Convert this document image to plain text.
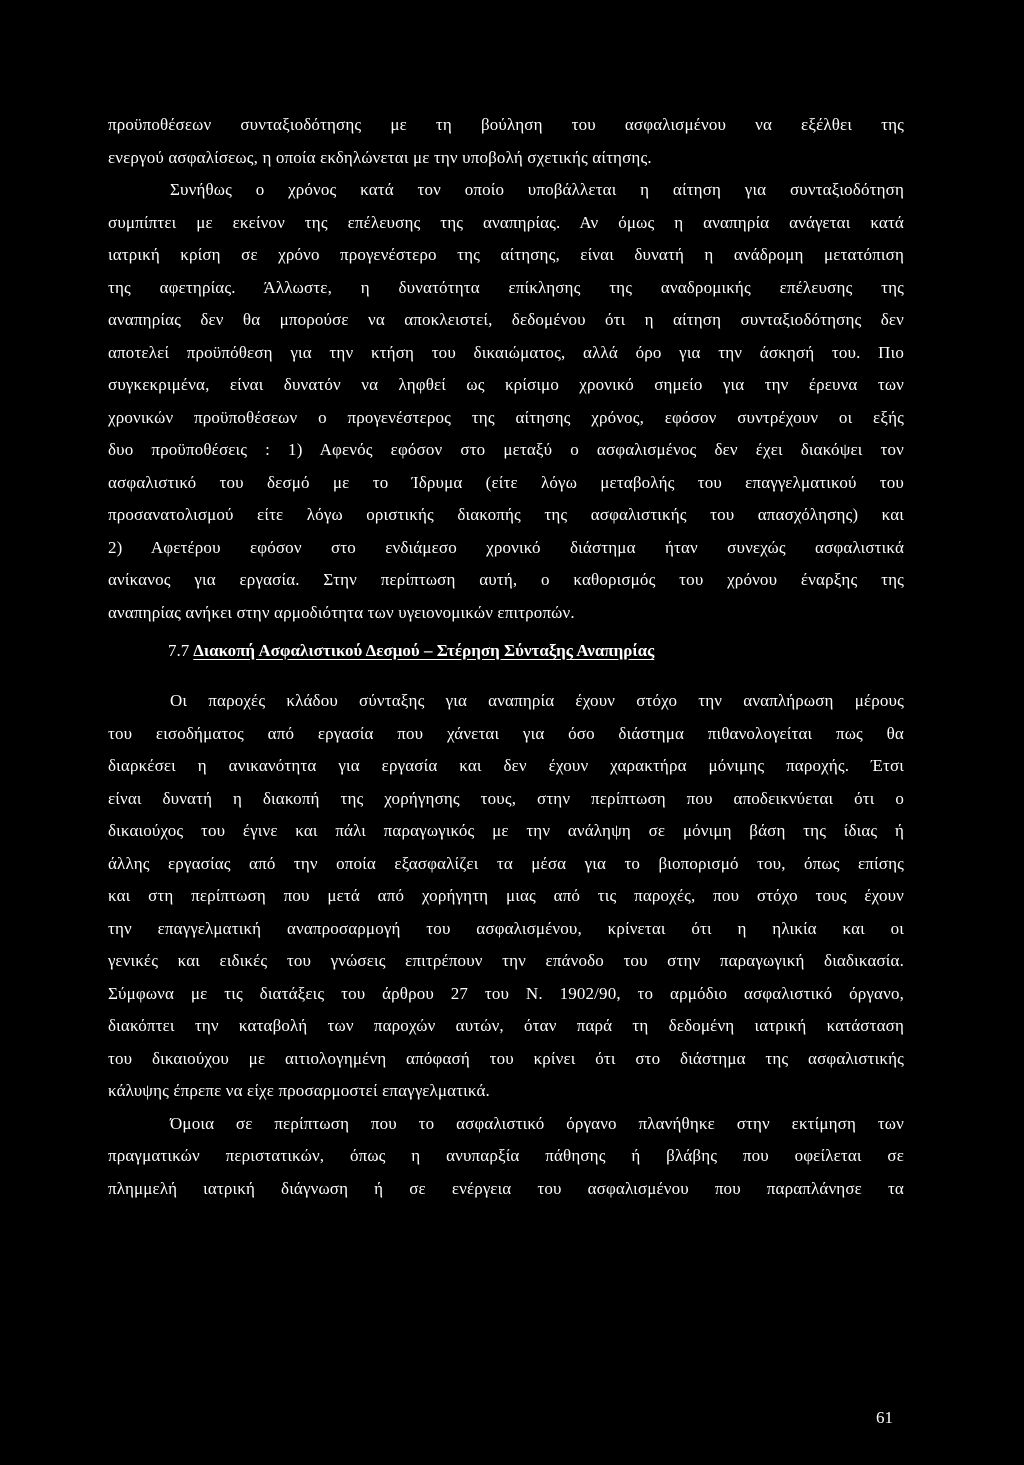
προϋποθέσεων συνταξιοδότησης με τη βούληση του ασφαλισμένου να εξέλθει της
ενεργού ασφαλίσεως, η οποία εκδηλώνεται με την υποβολή σχετικής αίτησης.
Συνήθως ο χρόνος κατά τον οποίο υποβάλλεται η αίτηση για συνταξιοδότηση
συμπίπτει με εκείνον της επέλευσης της αναπηρίας. Αν όμως η αναπηρία ανάγεται κατά
ιατρική κρίση σε χρόνο προγενέστερο της αίτησης, είναι δυνατή η ανάδρομη μετατόπιση
της αφετηρίας. Άλλωστε, η δυνατότητα επίκλησης της αναδρομικής επέλευσης της
αναπηρίας δεν θα μπορούσε να αποκλειστεί, δεδομένου ότι η αίτηση συνταξιοδότησης δεν
αποτελεί προϋπόθεση για την κτήση του δικαιώματος, αλλά όρο για την άσκησή του. Πιο
συγκεκριμένα, είναι δυνατόν να ληφθεί ως κρίσιμο χρονικό σημείο για την έρευνα των
χρονικών προϋποθέσεων ο προγενέστερος της αίτησης χρόνος, εφόσον συντρέχουν οι εξής
δυο προϋποθέσεις : 1) Αφενός εφόσον στο μεταξύ ο ασφαλισμένος δεν έχει διακόψει τον
ασφαλιστικό του δεσμό με το Ίδρυμα (είτε λόγω μεταβολής του επαγγελματικού του
προσανατολισμού είτε λόγω οριστικής διακοπής της ασφαλιστικής του απασχόλησης) και
2) Αφετέρου εφόσον στο ενδιάμεσο χρονικό διάστημα ήταν συνεχώς ασφαλιστικά
ανίκανος για εργασία. Στην περίπτωση αυτή, ο καθορισμός του χρόνου έναρξης της
αναπηρίας ανήκει στην αρμοδιότητα των υγειονομικών επιτροπών.
7.7 Διακοπή Ασφαλιστικού Δεσμού – Στέρηση Σύνταξης Αναπηρίας
Οι παροχές κλάδου σύνταξης για αναπηρία έχουν στόχο την αναπλήρωση μέρους
του εισοδήματος από εργασία που χάνεται για όσο διάστημα πιθανολογείται πως θα
διαρκέσει η ανικανότητα για εργασία και δεν έχουν χαρακτήρα μόνιμης παροχής. Έτσι
είναι δυνατή η διακοπή της χορήγησης τους, στην περίπτωση που αποδεικνύεται ότι ο
δικαιούχος του έγινε και πάλι παραγωγικός με την ανάληψη σε μόνιμη βάση της ίδιας ή
άλλης εργασίας από την οποία εξασφαλίζει τα μέσα για το βιοπορισμό του, όπως επίσης
και στη περίπτωση που μετά από χορήγητη μιας από τις παροχές, που στόχο τους έχουν
την επαγγελματική αναπροσαρμογή του ασφαλισμένου, κρίνεται ότι η ηλικία και οι
γενικές και ειδικές του γνώσεις επιτρέπουν την επάνοδο του στην παραγωγική διαδικασία.
Σύμφωνα με τις διατάξεις του άρθρου 27 του Ν. 1902/90, το αρμόδιο ασφαλιστικό όργανο,
διακόπτει την καταβολή των παροχών αυτών, όταν παρά τη δεδομένη ιατρική κατάσταση
του δικαιούχου με αιτιολογημένη απόφασή του κρίνει ότι στο διάστημα της ασφαλιστικής
κάλυψης έπρεπε να είχε προσαρμοστεί επαγγελματικά.
Όμοια σε περίπτωση που το ασφαλιστικό όργανο πλανήθηκε στην εκτίμηση των
πραγματικών περιστατικών, όπως η ανυπαρξία πάθησης ή βλάβης που οφείλεται σε
πλημμελή ιατρική διάγνωση ή σε ενέργεια του ασφαλισμένου που παραπλάνησε τα
61
